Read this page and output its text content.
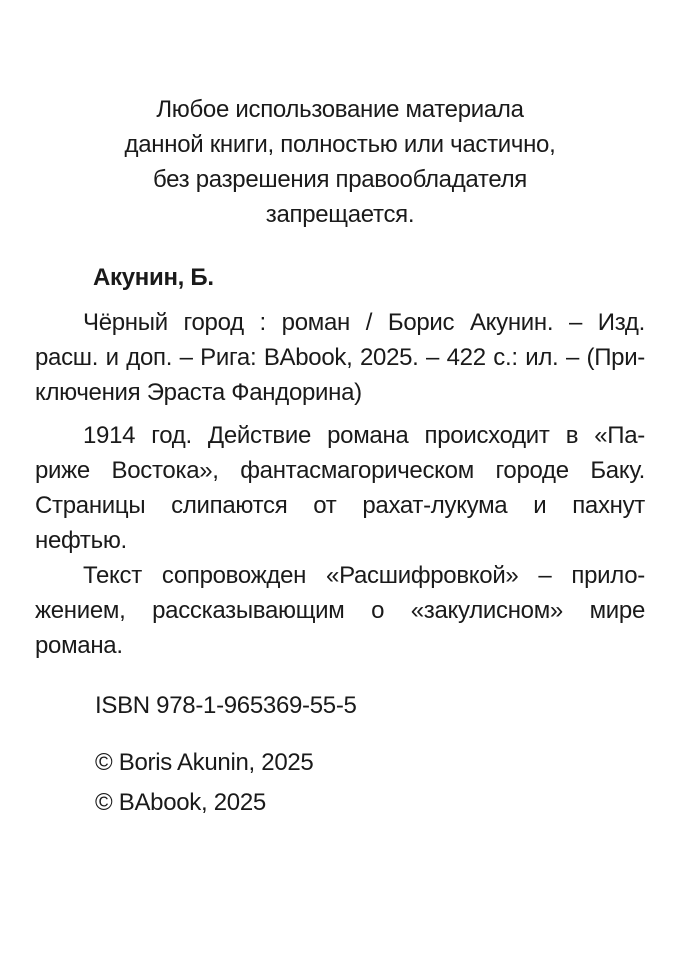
Любое использование материала
данной книги, полностью или частично,
без разрешения правообладателя
запрещается.
Акунин, Б.
Чёрный город : роман / Борис Акунин. – Изд.
расш. и доп. – Рига: BAbook, 2025. – 422 с.: ил. – (При-
ключения Эраста Фандорина)
1914 год. Действие романа происходит в «Па-
риже Востока», фантасмагорическом городе Баку.
Страницы слипаются от рахат-лукума и пахнут
нефтью.
Текст сопровожден «Расшифровкой» – прило-
жением, рассказывающим о «закулисном» мире
романа.
ISBN 978-1-965369-55-5
© Boris Akunin, 2025
© BAbook, 2025
